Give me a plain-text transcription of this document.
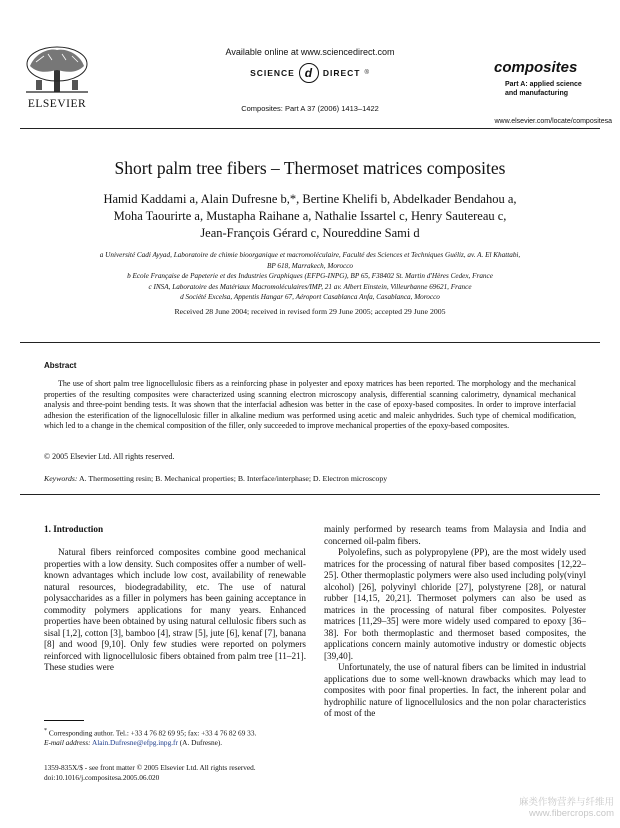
ELSEVIER
Available online at www.sciencedirect.com
SCIENCE d	DIRECT ®
Composites: Part A 37 (2006) 1413–1422
composites
Part A: applied science
and manufacturing
www.elsevier.com/locate/compositesa
Short palm tree fibers – Thermoset matrices composites
Hamid Kaddami a, Alain Dufresne b,*, Bertine Khelifi b, Abdelkader Bendahou a,
Moha Taourirte a, Mustapha Raihane a, Nathalie Issartel c, Henry Sautereau c,
Jean-François Gérard c, Noureddine Sami d
a Université Cadi Ayyad, Laboratoire de chimie bioorganique et macromoléculaire, Faculté des Sciences et Techniques Guéliz, av. A. El Khattabi,
BP 618, Marrakech, Morocco
b Ecole Française de Papeterie et des Industries Graphiques (EFPG-INPG), BP 65, F38402 St. Martin d'Hères Cedex, France
c INSA, Laboratoire des Matériaux Macromoléculaires/IMP, 21 av. Albert Einstein, Villeurbanne 69621, France
d Société Excelsa, Appentis Hangar 67, Aéroport Casablanca Anfa, Casablanca, Morocco
Received 28 June 2004; received in revised form 29 June 2005; accepted 29 June 2005
Abstract
The use of short palm tree lignocellulosic fibers as a reinforcing phase in polyester and epoxy matrices has been reported. The morphology and the mechanical properties of the resulting composites were characterized using scanning electron microscopy analysis, differential scanning calorimetry, dynamical mechanical analysis and three-point bending tests. It was shown that the interfacial adhesion was better in the case of epoxy-based composites. In order to improve interfacial adhesion the esterification of the lignocellulosic filler in alkaline medium was performed using acetic and maleic anhydrides. Such type of chemical modification, which led to a change in the chemical composition of the filler, only succeeded to improve mechanical properties of the epoxy-based composites.
© 2005 Elsevier Ltd. All rights reserved.
Keywords: A. Thermosetting resin; B. Mechanical properties; B. Interface/interphase; D. Electron microscopy
1. Introduction

Natural fibers reinforced composites combine good mechanical properties with a low density. Such composites offer a number of well-known advantages which include low cost, availability of renewable natural resources, biodegradability, etc. The use of natural polysaccharides as a filler in polymers has been gaining acceptance in commodity polymers applications for many years. Enhanced properties have been obtained by using natural cellulosic fibers such as sisal [1,2], cotton [3], bamboo [4], straw [5], jute [6], kenaf [7], banana [8] and wood [9,10]. Only few studies were reported on polymers reinforced with lignocellulosic fibers obtained from palm tree [11–21]. These studies were

mainly performed by research teams from Malaysia and India and concerned oil-palm fibers.

Polyolefins, such as polypropylene (PP), are the most widely used matrices for the processing of natural fiber based composites [12,22–25]. Other thermoplastic polymers were also used including poly(vinyl alcohol) [26], polyvinyl chloride [27], polystyrene [28], or natural rubber [14,15, 20,21]. Thermoset polymers can also be used as matrices in the processing of natural fiber composites. Polyester matrices [11,29–35] were more widely used compared to epoxy [36–38]. For both thermoplastic and thermoset based composites, the applications concern mainly automotive industry or domestic objects [39,40].

Unfortunately, the use of natural fibers can be limited in industrial applications due to some well-known drawbacks which may lead to composites with poor final properties. In fact, the inherent polar and hydrophilic nature of lignocellulosics and the non polar characteristics of most of the

* Corresponding author. Tel.: +33 4 76 82 69 95; fax: +33 4 76 82 69 33.
E-mail address: Alain.Dufresne@efpg.inpg.fr (A. Dufresne).
1359-835X/$ - see front matter © 2005 Elsevier Ltd. All rights reserved.
doi:10.1016/j.compositesa.2005.06.020
麻类作物营养与纤维用
www.fibercrops.com
